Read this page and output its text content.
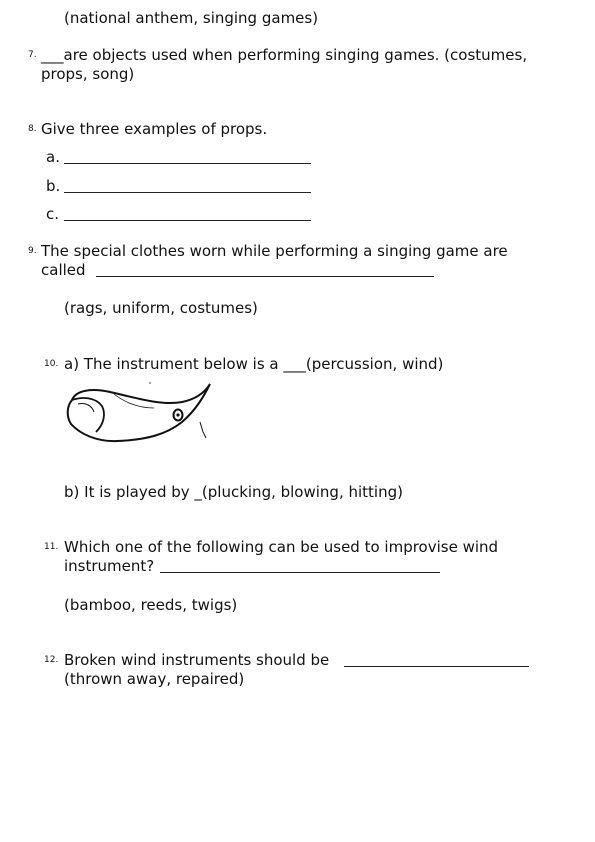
(national anthem, singing games)
7. ___are objects used when performing singing games. (costumes,
props, song)
8. Give three examples of props.
a.
b.
c.
9. The special clothes worn while performing a singing game are
called
(rags, uniform, costumes)
10. a) The instrument below is a ___(percussion, wind)
b) It is played by _(plucking, blowing, hitting)
11. Which one of the following can be used to improvise wind
instrument?
(bamboo, reeds, twigs)
12. Broken wind instruments should be
(thrown away, repaired)
